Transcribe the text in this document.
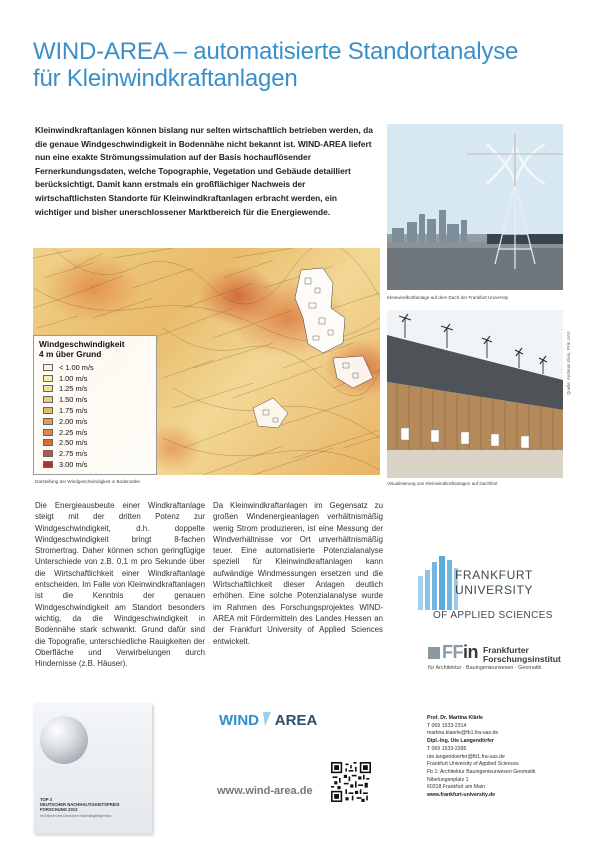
WIND-AREA – automatisierte Standortanalyse
für Kleinwindkraftanlagen

Kleinwindkraftanlagen können bislang nur selten wirtschaftlich betrieben werden, da die genaue Windgeschwindigkeit in Bodennähe nicht bekannt ist. WIND-AREA liefert nun eine exakte Strömungssimulation auf der Basis hochauflösender Fernerkundungsdaten, welche Topographie, Vegetation und Gebäude detailliert berücksichtigt. Damit kann erstmals ein großflächiger Nachweis der wirtschaftlichsten Standorte für Kleinwindkraftanlagen erbracht werden, ein wichtiger und bisher unerschlossener Marktbereich für die Energiewende.

Windgeschwindigkeit
4 m über Grund
< 1.00 m/s
1.00 m/s
1.25 m/s
1.50 m/s
1.75 m/s
2.00 m/s
2.25 m/s
2.50 m/s
2.75 m/s
3.00 m/s
Darstellung der Windgeschwindigkeit in Bodennähe
Kleinwindkraftanlage auf dem Dach der Frankfurt University
Visualisierung von Kleinwindkraftanlagen auf Dachfirst
Quelle: Andreas Klein, FFin UAS

Die Energieausbeute einer Windkraftanlage steigt mit der dritten Potenz zur Windgeschwindigkeit, d.h. doppelte Windgeschwindigkeit bringt 8-fachen Stromertrag. Daher können schon geringfügige Unterschiede von z.B. 0,1 m pro Sekunde über die Wirtschaftlichkeit einer Windkraftanlage entscheiden. Im Falle von Kleinwindkraftanlagen ist die Kenntnis der genauen Windgeschwindigkeit am Standort besonders wichtig, da die Windgeschwindigkeit in Bodennähe stark schwankt. Grund dafür sind die Topografie, unterschiedliche Rauigkeiten der Oberfläche und Verwirbelungen durch Hindernisse (z.B. Häuser).

Da Kleinwindkraftanlagen im Gegensatz zu großen Windenergieanlagen verhältnismäßig wenig Strom produzieren, ist eine Messung der Windverhältnisse vor Ort unverhältnismäßig teuer. Eine automatisierte Potenzialanalyse speziell für Kleinwindkraftanlagen kann aufwändige Windmessungen ersetzen und die Wirtschaftlichkeit dieser Anlagen deutlich erhöhen. Eine solche Potenzialanalyse wurde im Rahmen des Forschungsprojektes WIND-AREA mit Fördermitteln des Landes Hessen an der Frankfurt University of Applied Sciences entwickelt.

FRANKFURT
UNIVERSITY
OF APPLIED SCIENCES
FFin Frankfurter
Forschungsinstitut
für Architektur · Bauingenieurwesen · Geomatik
TOP 3
DEUTSCHER NACHHALTIGKEITSPREIS FORSCHUNG 2013
Im Rahmen des Deutschen Nachhaltigkeitspreises
WIND AREA
www.wind-area.de
Prof. Dr. Martina Klärle
T 069 1533-2314
martina.klaerle@fb1.fra-uas.de
Dipl.-Ing. Ute Langendörfer
T 069 1533-2395
ute.langendoerfer@fb1.fra-uas.de
Frankfurt University of Applied Sciences
Fb 1: Architektur Bauingenieurwesen Geomatik
Nibelungenplatz 1
60318 Frankfurt am Main
www.frankfurt-university.de
